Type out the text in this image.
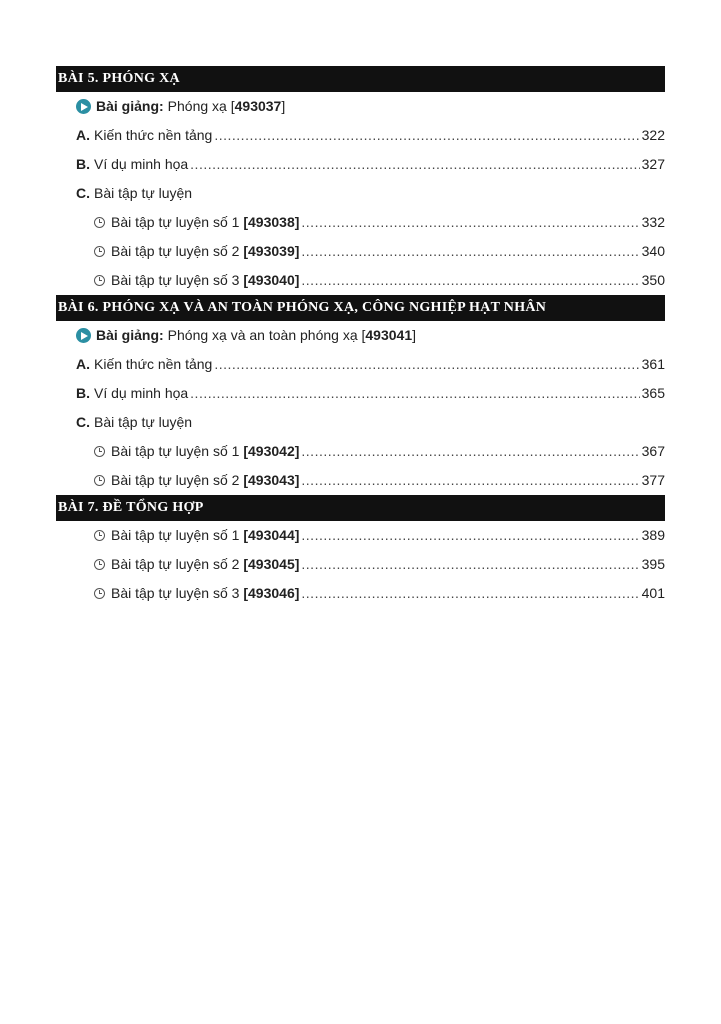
BÀI 5. PHÓNG XẠ
Bài giảng: Phóng xạ [493037]
A. Kiến thức nền tảng .....	322
B. Ví dụ minh họa .....	327
C. Bài tập tự luyện
Bài tập tự luyện số 1 [493038] .....	332
Bài tập tự luyện số 2 [493039] .....	340
Bài tập tự luyện số 3 [493040] .....	350
BÀI 6. PHÓNG XẠ VÀ AN TOÀN PHÓNG XẠ, CÔNG NGHIỆP HẠT NHÂN
Bài giảng: Phóng xạ và an toàn phóng xạ [493041]
A. Kiến thức nền tảng .....	361
B. Ví dụ minh họa .....	365
C. Bài tập tự luyện
Bài tập tự luyện số 1 [493042] .....	367
Bài tập tự luyện số 2 [493043] .....	377
BÀI 7. ĐỀ TỔNG HỢP
Bài tập tự luyện số 1 [493044] .....	389
Bài tập tự luyện số 2 [493045] .....	395
Bài tập tự luyện số 3 [493046] .....	401
